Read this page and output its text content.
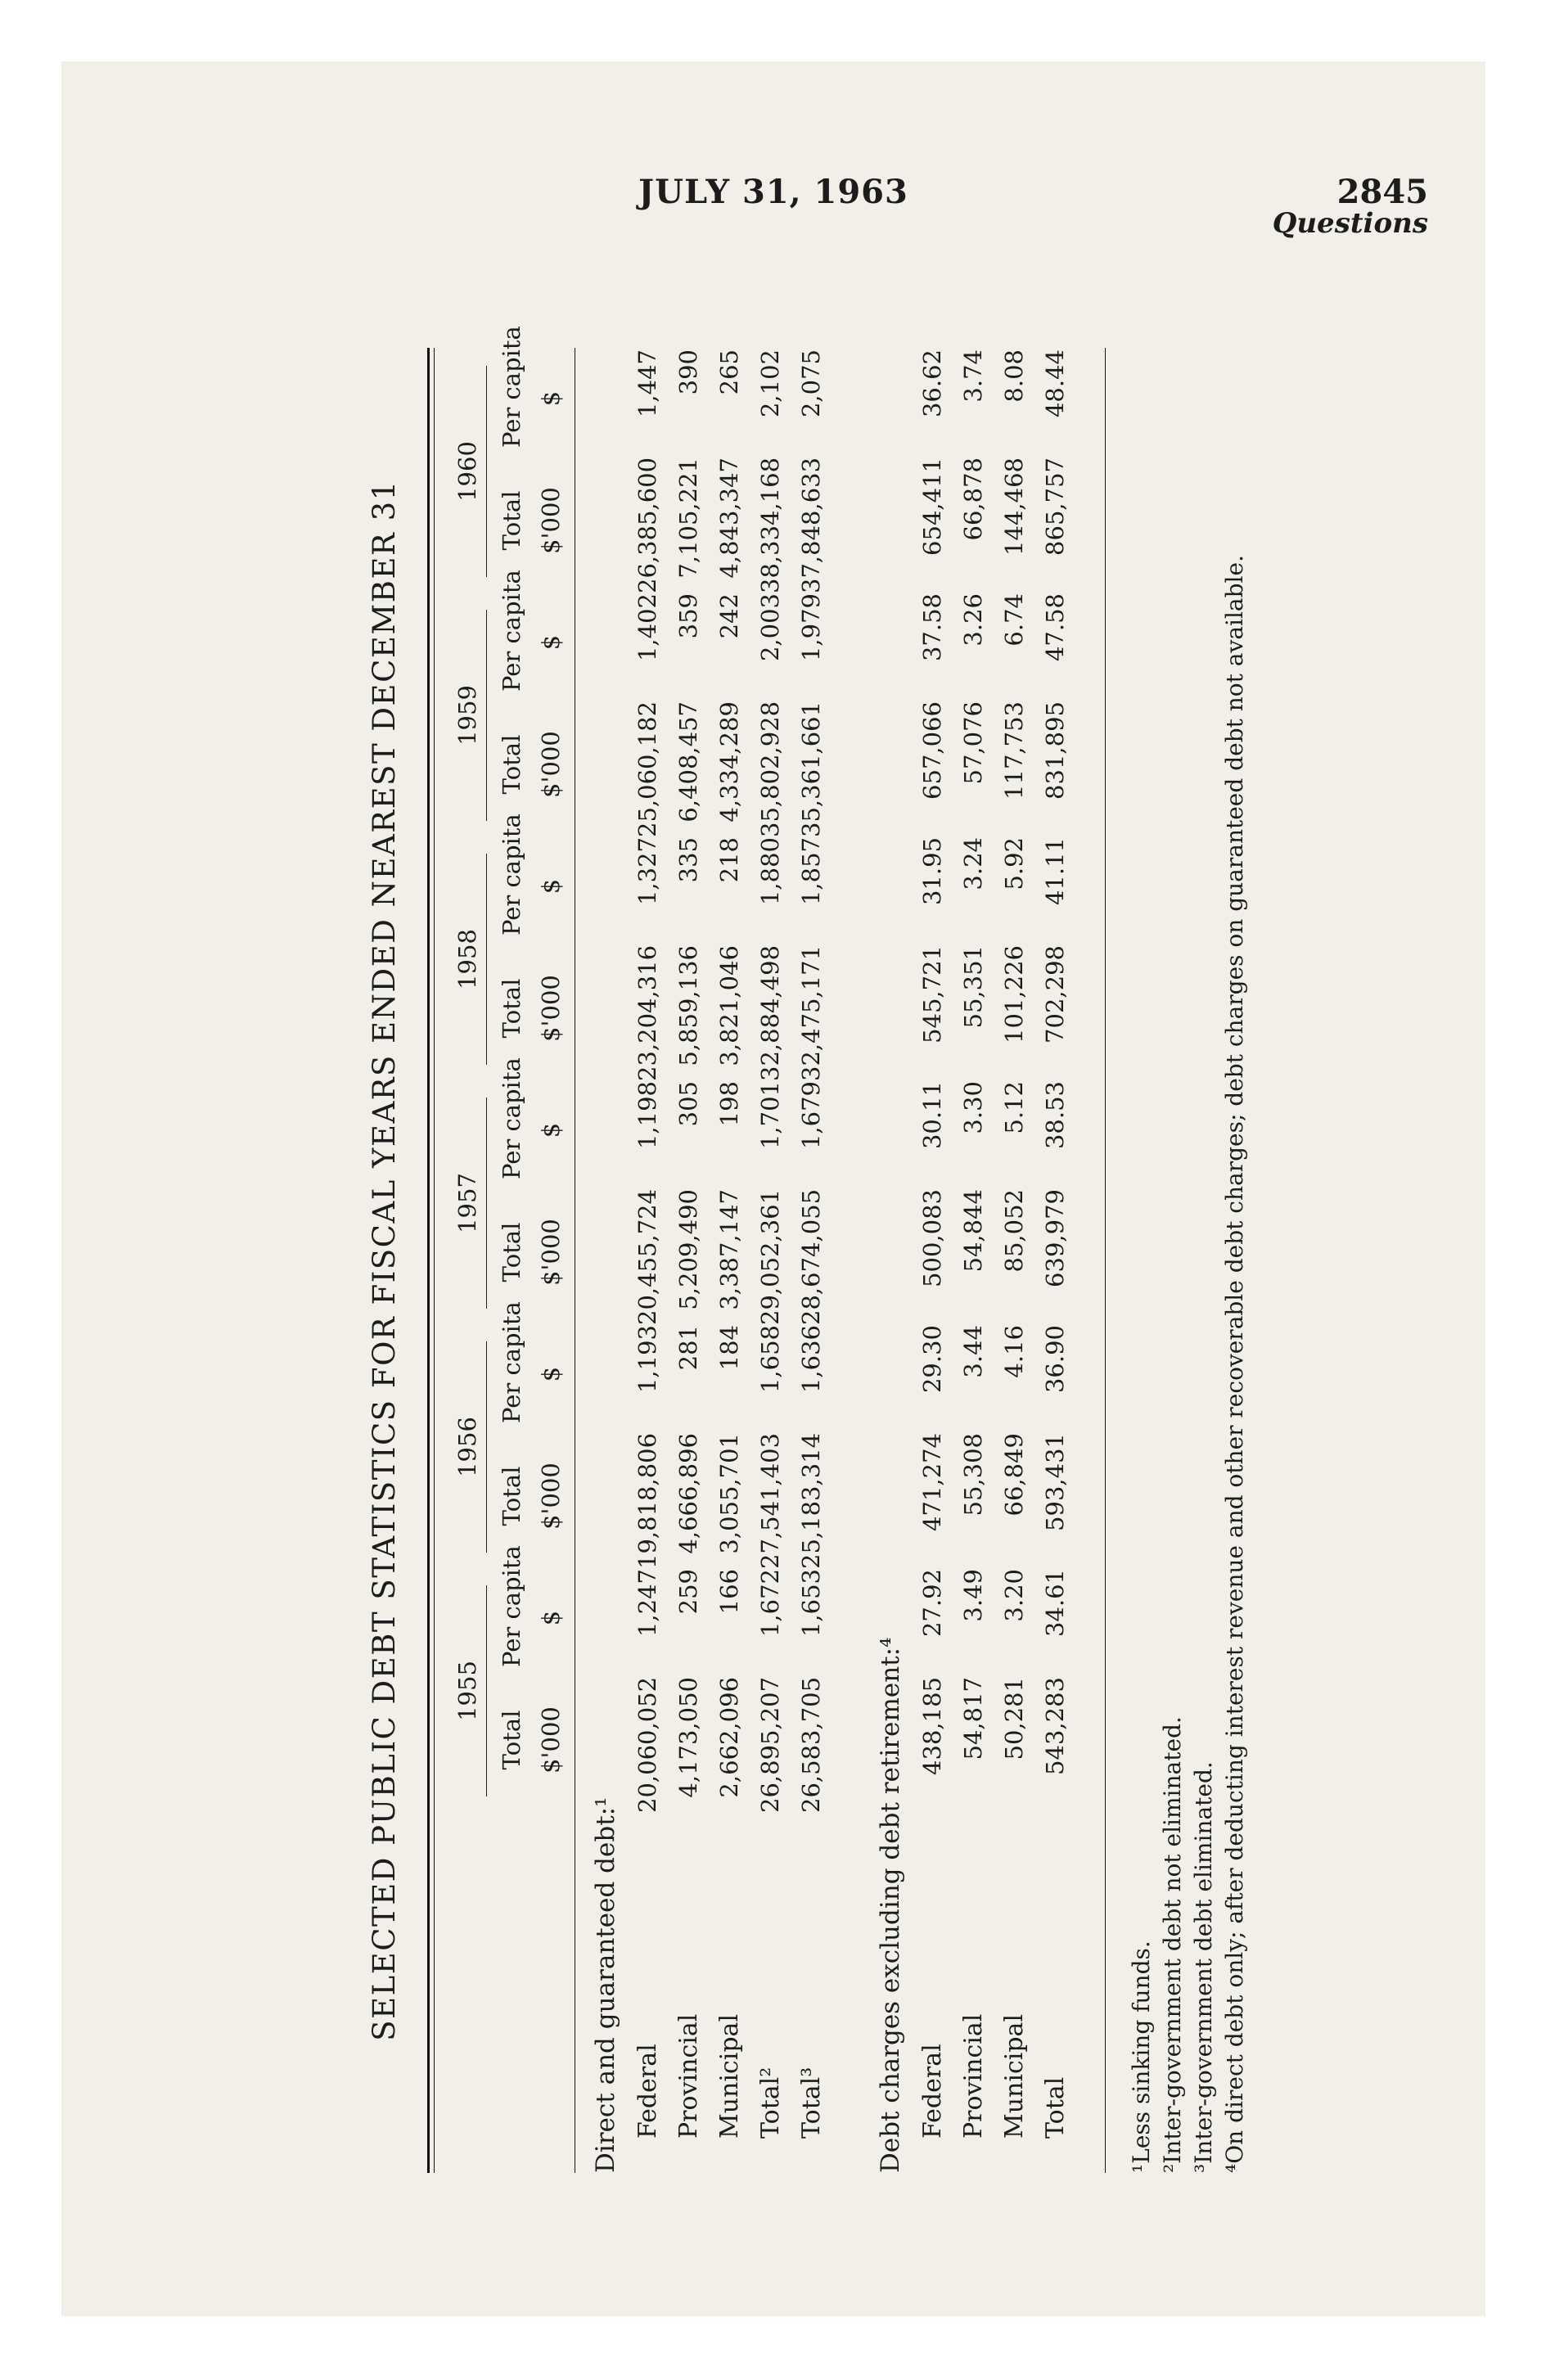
JULY 31, 1963	2845
Questions
SELECTED PUBLIC DEBT STATISTICS FOR FISCAL YEARS ENDED NEAREST DECEMBER 31 1955
Total
Per capita
$'000
$
1956
Total
Per capita
$'000
$
1957
Total
Per capita
$'000
$
1958
Total
Per capita
$'000
$
1959
Total
Per capita
$'000
$
1960
Total
Per capita
$'000
$
Direct and guaranteed debt:¹ Federal
20,060,052
1,247
19,818,806
1,193
20,455,724
1,198
23,204,316
1,327
25,060,182
1,402
26,385,600
1,447
Provincial
4,173,050
259
4,666,896
281
5,209,490
305
5,859,136
335
6,408,457
359
7,105,221
390
Municipal
2,662,096
166
3,055,701
184
3,387,147
198
3,821,046
218
4,334,289
242
4,843,347
265
Total²
26,895,207
1,672
27,541,403
1,658
29,052,361
1,701
32,884,498
1,880
35,802,928
2,003
38,334,168
2,102
Total³
26,583,705
1,653
25,183,314
1,636
28,674,055
1,679
32,475,171
1,857
35,361,661
1,979
37,848,633
2,075
Debt charges excluding debt retirement:⁴ Federal
438,185
27.92
471,274
29.30
500,083
30.11
545,721
31.95
657,066
37.58
654,411
36.62
Provincial
54,817
3.49
55,308
3.44
54,844
3.30
55,351
3.24
57,076
3.26
66,878
3.74
Municipal
50,281
3.20
66,849
4.16
85,052
5.12
101,226
5.92
117,753
6.74
144,468
8.08
Total
543,283
34.61
593,431
36.90
639,979
38.53
702,298
41.11
831,895
47.58
865,757
48.44
¹Less sinking funds. ²Inter-government debt not eliminated. ³Inter-government debt eliminated. ⁴On direct debt only; after deducting interest revenue and other recoverable debt charges; debt charges on guaranteed debt not available.
